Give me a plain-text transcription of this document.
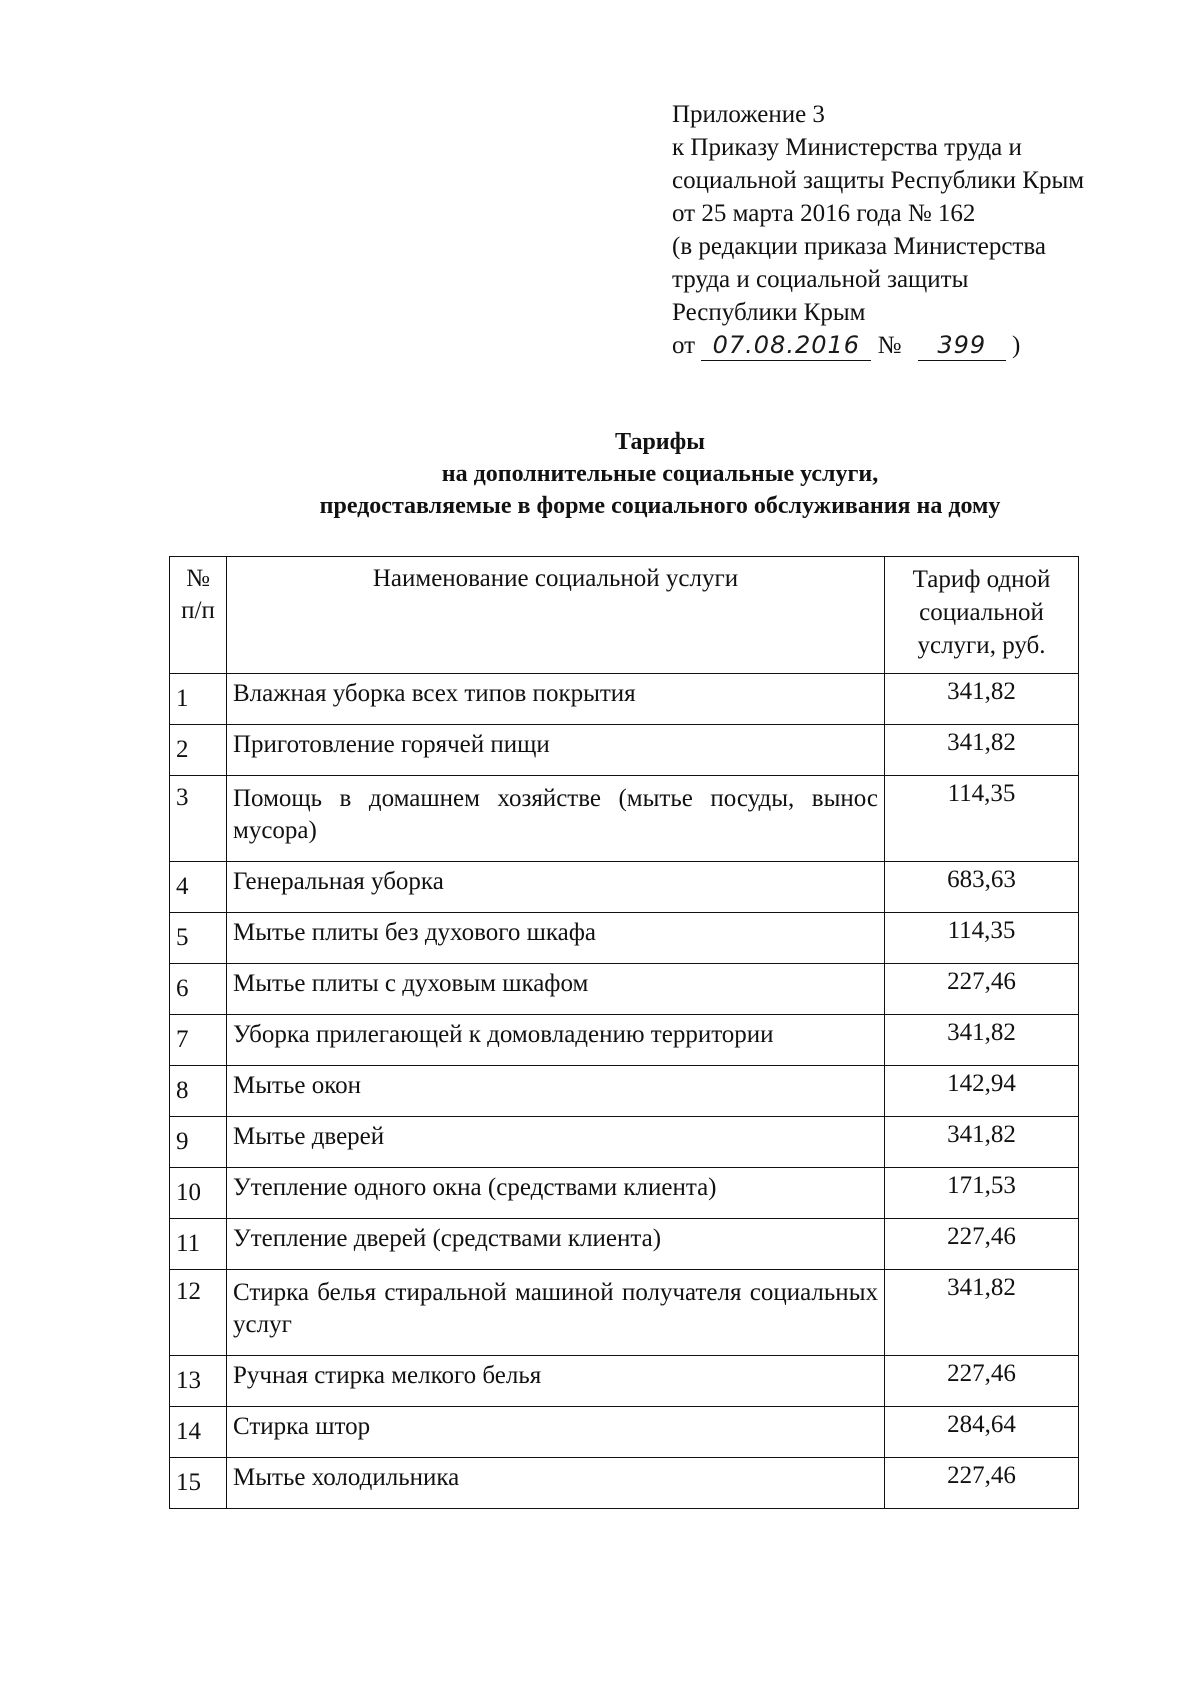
Приложение 3
к Приказу Министерства труда и
социальной защиты Республики Крым
от 25 марта 2016 года № 162
(в редакции приказа Министерства
труда и социальной защиты
Республики Крым
от 07.08.2016 № 399 )
Тарифы
на дополнительные социальные услуги,
предоставляемые в форме социального обслуживания на дому
№ п/п	Наименование социальной услуги	Тариф одной социальной услуги, руб.
1	Влажная уборка всех типов покрытия	341,82
2	Приготовление горячей пищи	341,82
3	Помощь в домашнем хозяйстве (мытье посуды, вынос мусора)	114,35
4	Генеральная уборка	683,63
5	Мытье плиты без духового шкафа	114,35
6	Мытье плиты с духовым шкафом	227,46
7	Уборка прилегающей к домовладению территории	341,82
8	Мытье окон	142,94
9	Мытье дверей	341,82
10	Утепление одного окна (средствами клиента)	171,53
11	Утепление дверей (средствами клиента)	227,46
12	Стирка белья стиральной машиной получателя социальных услуг	341,82
13	Ручная стирка мелкого белья	227,46
14	Стирка штор	284,64
15	Мытье холодильника	227,46
